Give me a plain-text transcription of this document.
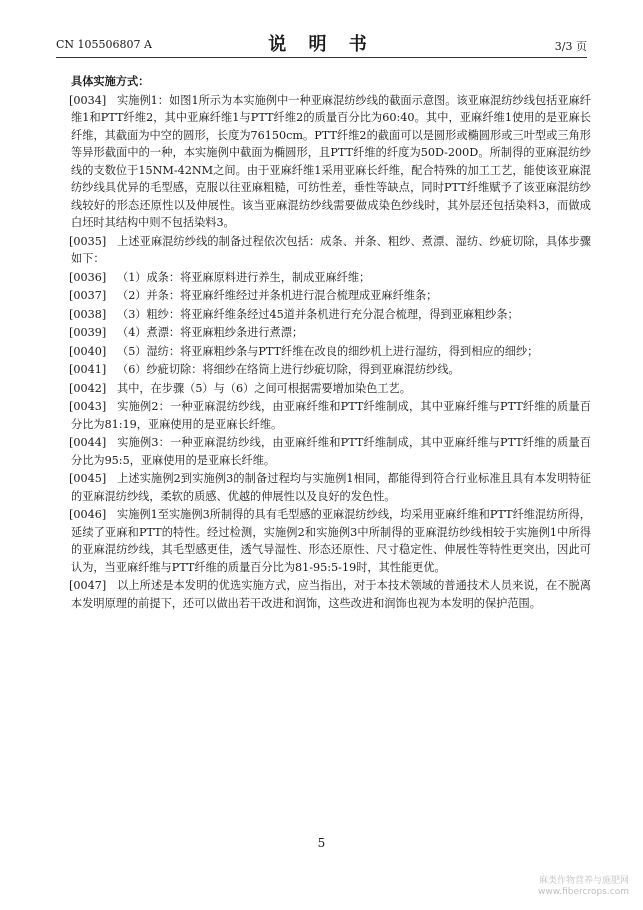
CN 105506807 A	说 明 书	3/3 页
具体实施方式：
[0034] 实施例1：如图1所示为本实施例中一种亚麻混纺纱线的截面示意图。该亚麻混纺纱线包括亚麻纤维1和PTT纤维2，其中亚麻纤维1与PTT纤维2的质量百分比为60:40。其中，亚麻纤维1使用的是亚麻长纤维，其截面为中空的圆形，长度为76150cm。PTT纤维2的截面可以是圆形或椭圆形或三叶型或三角形等异形截面中的一种，本实施例中截面为椭圆形，且PTT纤维的纤度为50D-200D。所制得的亚麻混纺纱线的支数位于15NM-42NM之间。由于亚麻纤维1采用亚麻长纤维，配合特殊的加工工艺，能使该亚麻混纺纱线具优异的毛型感，克服以往亚麻粗糙，可纺性差，垂性等缺点，同时PTT纤维赋予了该亚麻混纺纱线较好的形态还原性以及伸展性。该当亚麻混纺纱线需要做成染色纱线时，其外层还包括染料3，而做成白坯时其结构中则不包括染料3。
[0035] 上述亚麻混纺纱线的制备过程依次包括：成条、并条、粗纱、煮漂、湿纺、纱疵切除，具体步骤如下：
[0036] （1）成条：将亚麻原料进行养生，制成亚麻纤维；
[0037] （2）并条：将亚麻纤维经过并条机进行混合梳理成亚麻纤维条；
[0038] （3）粗纱：将亚麻纤维条经过45道并条机进行充分混合梳理，得到亚麻粗纱条；
[0039] （4）煮漂：将亚麻粗纱条进行煮漂；
[0040] （5）湿纺：将亚麻粗纱条与PTT纤维在改良的细纱机上进行湿纺，得到相应的细纱；
[0041] （6）纱疵切除：将细纱在络筒上进行纱疵切除，得到亚麻混纺纱线。
[0042] 其中，在步骤（5）与（6）之间可根据需要增加染色工艺。
[0043] 实施例2：一种亚麻混纺纱线，由亚麻纤维和PTT纤维制成，其中亚麻纤维与PTT纤维的质量百分比为81:19，亚麻使用的是亚麻长纤维。
[0044] 实施例3：一种亚麻混纺纱线，由亚麻纤维和PTT纤维制成，其中亚麻纤维与PTT纤维的质量百分比为95:5，亚麻使用的是亚麻长纤维。
[0045] 上述实施例2到实施例3的制备过程均与实施例1相同，都能得到符合行业标准且具有本发明特征的亚麻混纺纱线，柔软的质感、优越的伸展性以及良好的发色性。
[0046] 实施例1至实施例3所制得的具有毛型感的亚麻混纺纱线，均采用亚麻纤维和PTT纤维混纺所得，延续了亚麻和PTT的特性。经过检测，实施例2和实施例3中所制得的亚麻混纺纱线相较于实施例1中所得的亚麻混纺纱线，其毛型感更佳，透气导湿性、形态还原性、尺寸稳定性、伸展性等特性更突出，因此可认为，当亚麻纤维与PTT纤维的质量百分比为81-95:5-19时，其性能更优。
[0047] 以上所述是本发明的优选实施方式，应当指出，对于本技术领域的普通技术人员来说，在不脱离本发明原理的前提下，还可以做出若干改进和润饰，这些改进和润饰也视为本发明的保护范围。
5
麻类作物营养与施肥网
www.fibercrops.com
